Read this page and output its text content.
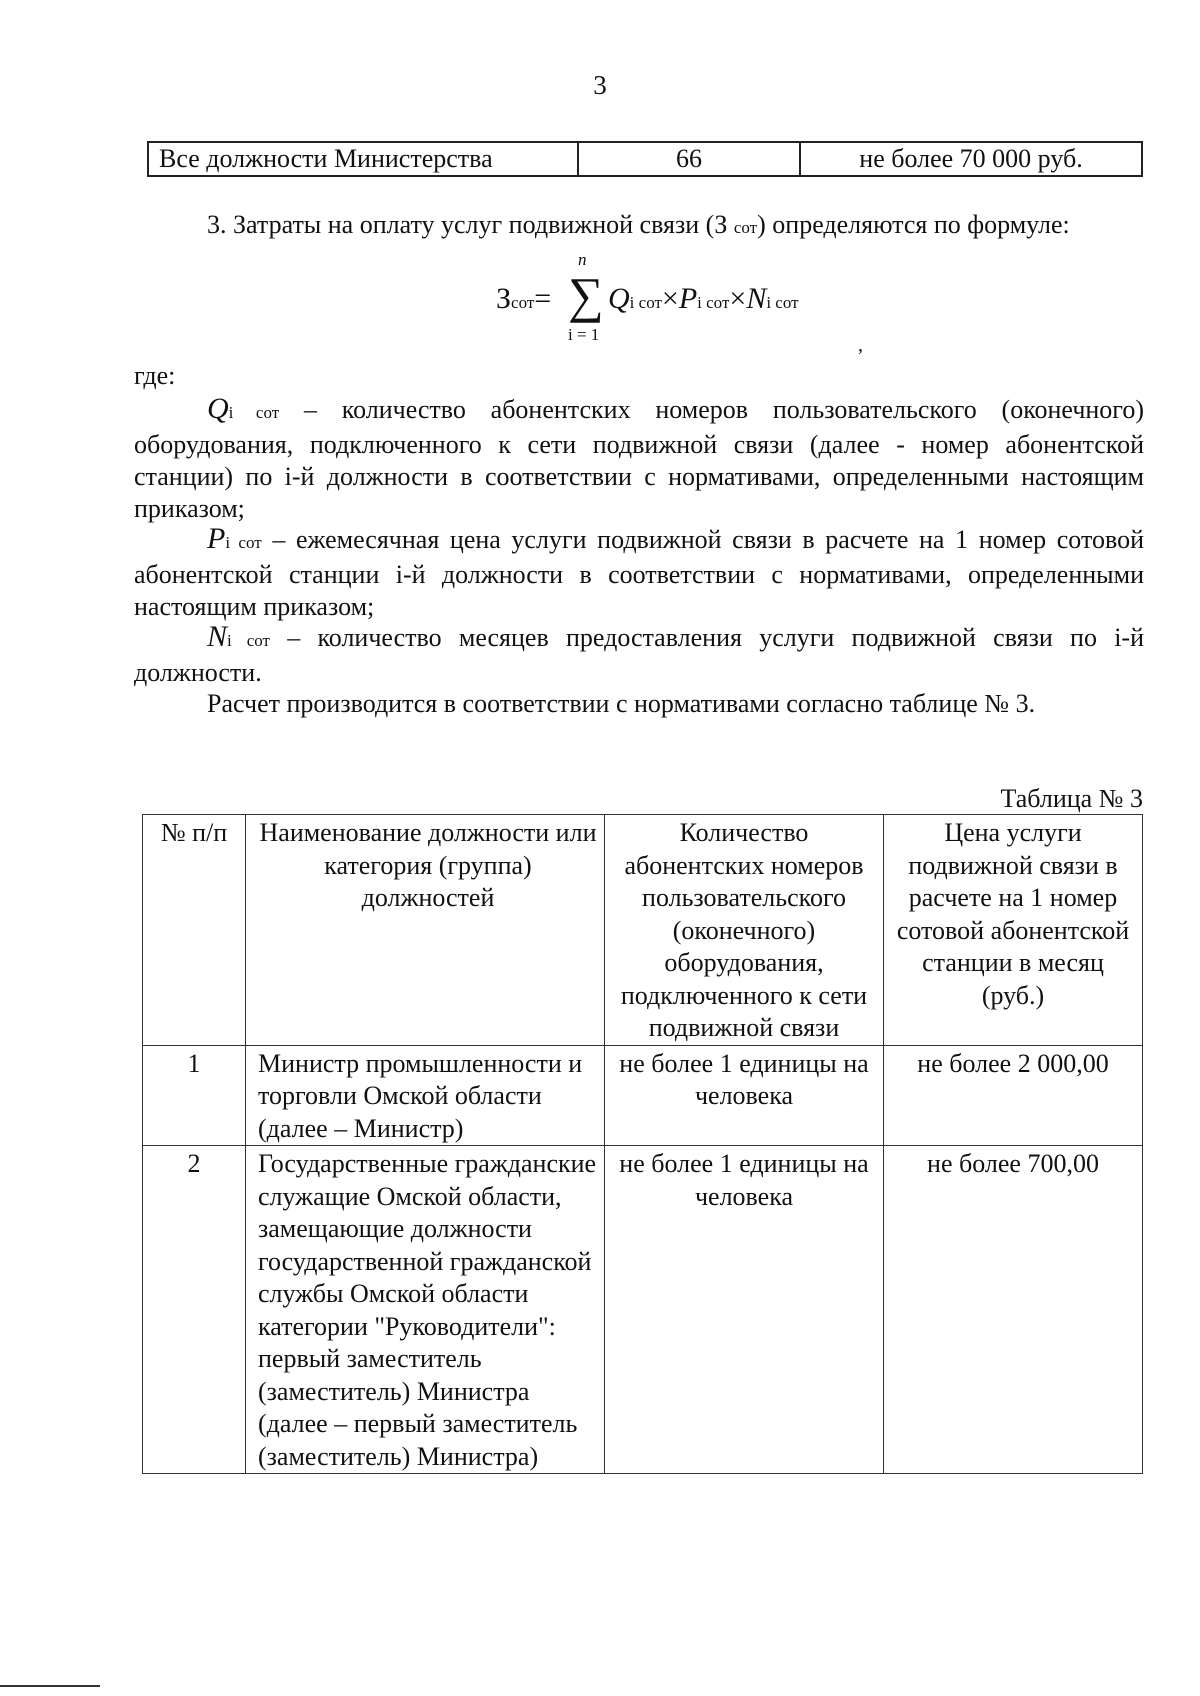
3
Все должности Министерства	66	не более 70 000 руб.
3. Затраты на оплату услуг подвижной связи (З сот) определяются по формуле:
Зсот=
n
∑
i = 1
Qi сот×Pi сот×Ni сот
,
где:
Qi сот – количество абонентских номеров пользовательского (оконечного) оборудования, подключенного к сети подвижной связи (далее - номер абонентской станции) по i-й должности в соответствии с нормативами, определенными настоящим приказом;
Pi сот – ежемесячная цена услуги подвижной связи в расчете на 1 номер сотовой абонентской станции i-й должности в соответствии с нормативами, определенными настоящим приказом;
Ni сот – количество месяцев предоставления услуги подвижной связи по i-й должности.
Расчет производится в соответствии с нормативами согласно таблице № 3.
Таблица № 3
№ п/п	Наименование должности или категория (группа) должностей	Количество абонентских номеров пользовательского (оконечного) оборудования, подключенного к сети подвижной связи	Цена услуги подвижной связи в расчете на 1 номер сотовой абонентской станции в месяц (руб.)
1	Министр промышленности и торговли Омской области (далее – Министр)	не более 1 единицы на человека	не более 2 000,00
2	Государственные гражданские служащие Омской области, замещающие должности государственной гражданской службы Омской области категории "Руководители": первый заместитель (заместитель) Министра (далее – первый заместитель (заместитель) Министра)	не более 1 единицы на человека	не более 700,00
